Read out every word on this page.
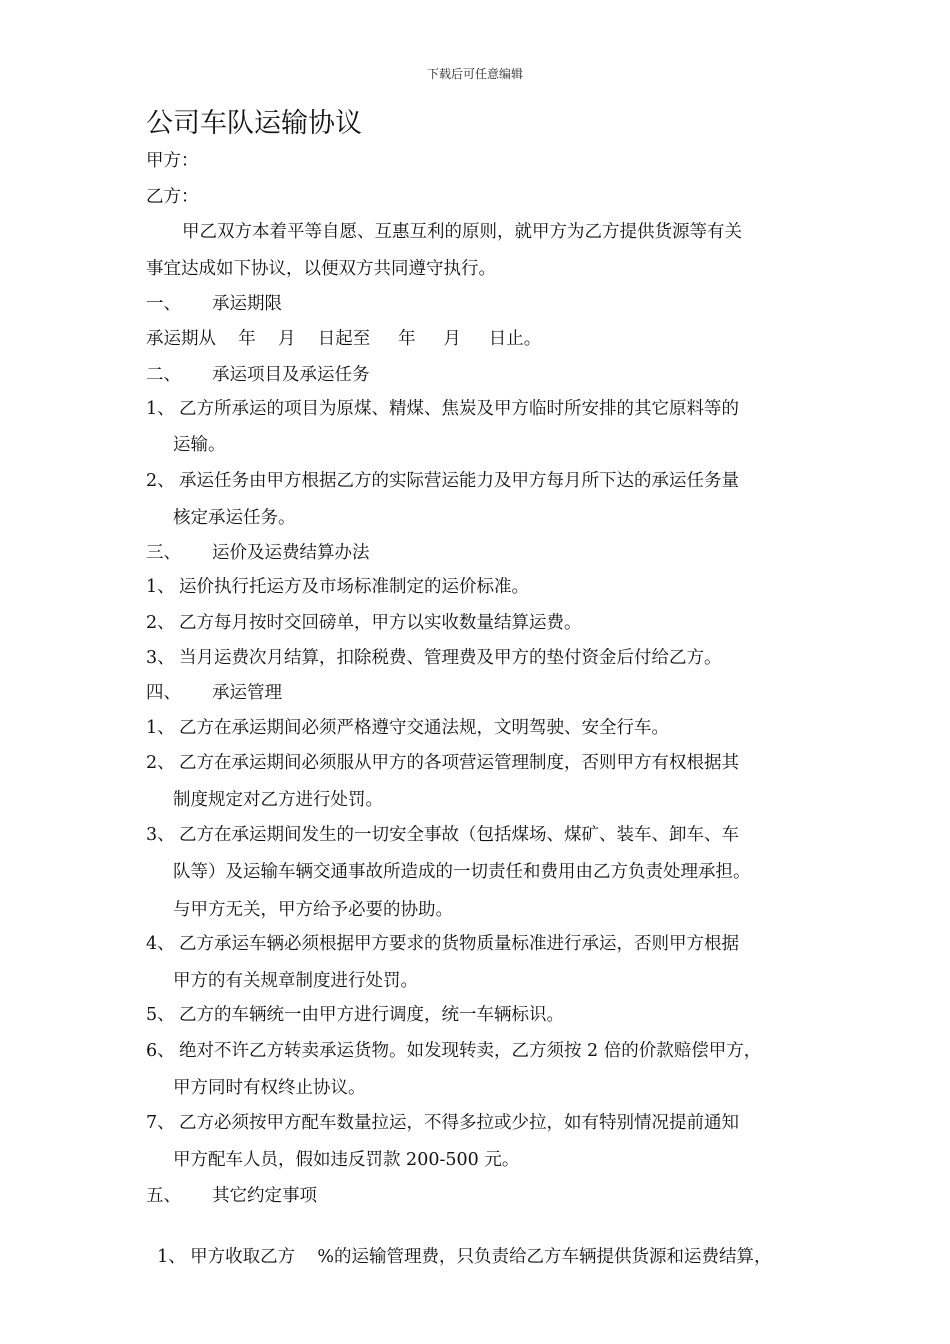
下载后可任意编辑
公司车队运输协议
甲方：
乙方：
甲乙双方本着平等自愿、互惠互利的原则，就甲方为乙方提供货源等有关
事宜达成如下协议，以便双方共同遵守执行。
一、 承运期限
承运期从    年    月    日起至     年     月     日止。
二、 承运项目及承运任务
1、 乙方所承运的项目为原煤、精煤、焦炭及甲方临时所安排的其它原料等的
运输。
2、 承运任务由甲方根据乙方的实际营运能力及甲方每月所下达的承运任务量
核定承运任务。
三、 运价及运费结算办法
1、 运价执行托运方及市场标准制定的运价标准。
2、 乙方每月按时交回磅单，甲方以实收数量结算运费。
3、 当月运费次月结算，扣除税费、管理费及甲方的垫付资金后付给乙方。
四、 承运管理
1、 乙方在承运期间必须严格遵守交通法规，文明驾驶、安全行车。
2、 乙方在承运期间必须服从甲方的各项营运管理制度，否则甲方有权根据其
制度规定对乙方进行处罚。
3、 乙方在承运期间发生的一切安全事故（包括煤场、煤矿、装车、卸车、车
队等）及运输车辆交通事故所造成的一切责任和费用由乙方负责处理承担。
与甲方无关，甲方给予必要的协助。
4、 乙方承运车辆必须根据甲方要求的货物质量标准进行承运，否则甲方根据
甲方的有关规章制度进行处罚。
5、 乙方的车辆统一由甲方进行调度，统一车辆标识。
6、 绝对不许乙方转卖承运货物。如发现转卖，乙方须按 2 倍的价款赔偿甲方，
甲方同时有权终止协议。
7、 乙方必须按甲方配车数量拉运，不得多拉或少拉，如有特别情况提前通知
甲方配车人员，假如违反罚款 200-500 元。
五、 其它约定事项

1、 甲方收取乙方    %的运输管理费，只负责给乙方车辆提供货源和运费结算，
